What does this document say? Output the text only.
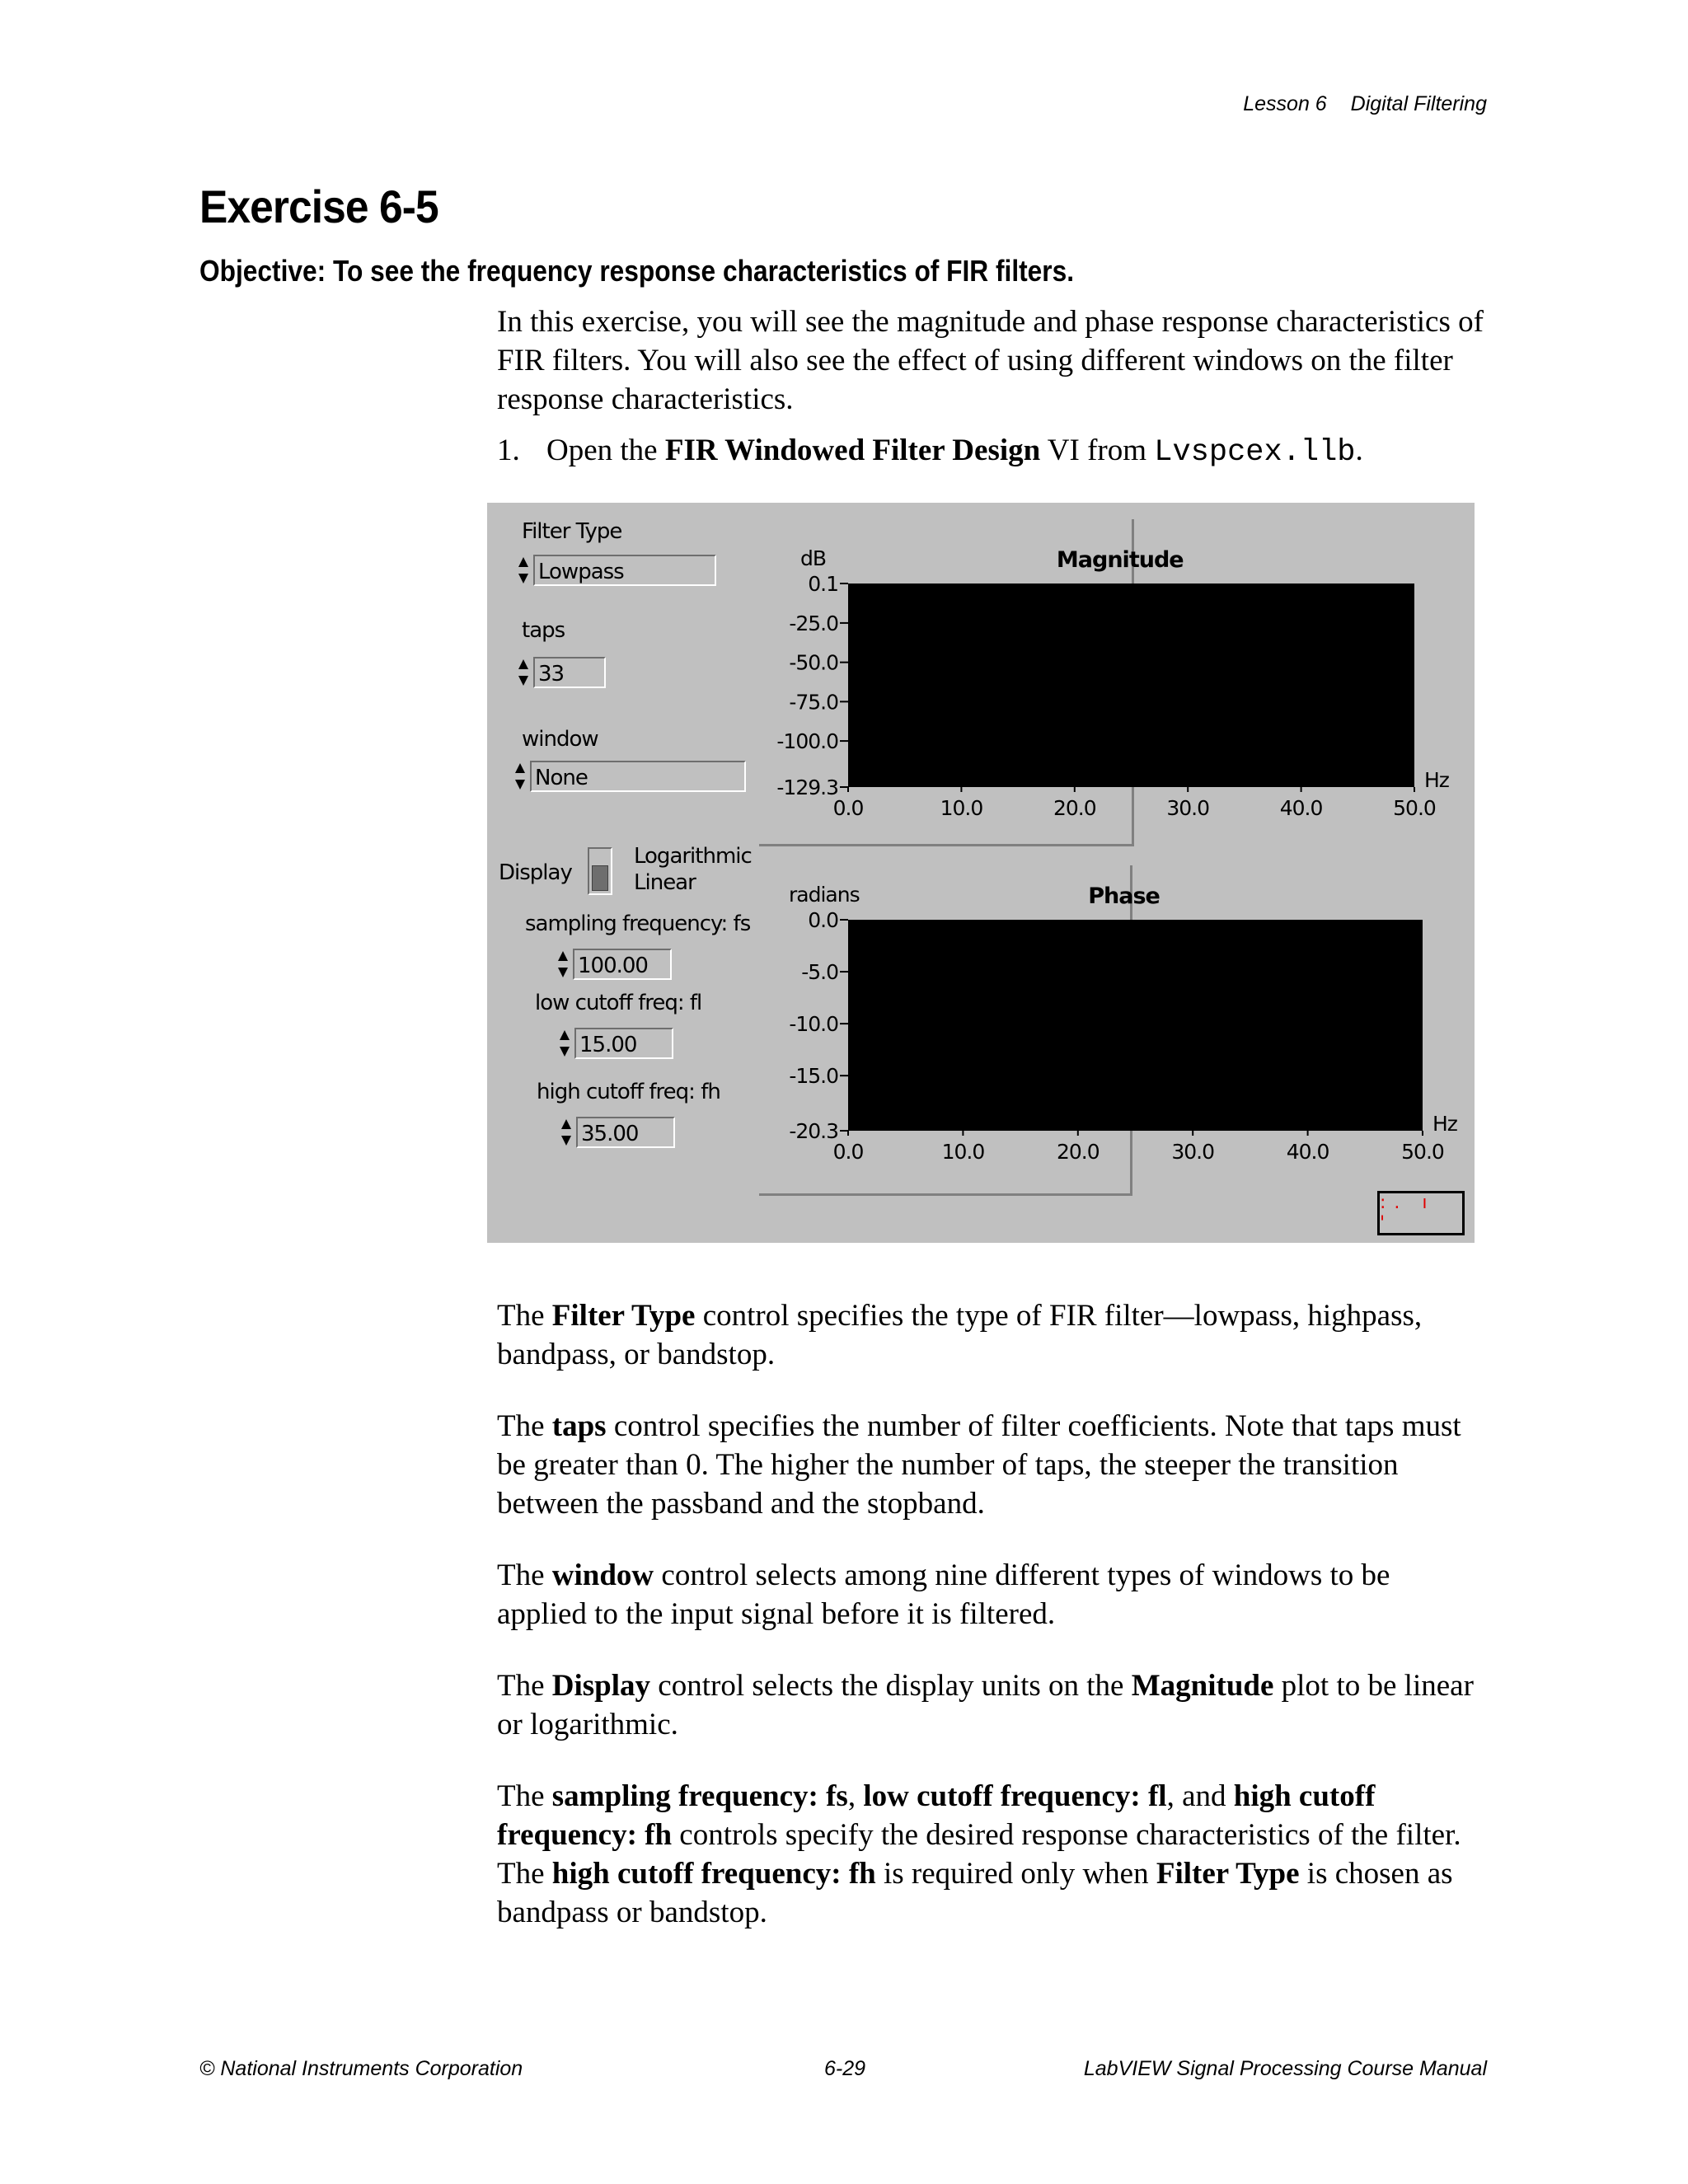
Lesson 6 Digital Filtering
Exercise 6-5
Objective: To see the frequency response characteristics of FIR filters.
In this exercise, you will see the magnitude and phase response characteristics of FIR filters. You will also see the effect of using different windows on the filter response characteristics.
1. Open the FIR Windowed Filter Design VI from Lvspcex.llb.
Filter Type
Lowpass
taps
33
window
None
Display
Logarithmic
Linear
sampling frequency: fs
100.00
low cutoff freq: fl
15.00
high cutoff freq: fh
35.00
Magnitude
dB
Hz
0.1
-25.0
-50.0
-75.0
-100.0
-129.3
0.0	10.0	20.0	30.0	40.0	50.0
Phase
radians
Hz
0.0
-5.0
-10.0
-15.0
-20.3
0.0	10.0	20.0	30.0	40.0	50.0
:. ı '
The Filter Type control specifies the type of FIR filter—lowpass, highpass, bandpass, or bandstop.
The taps control specifies the number of filter coefficients. Note that taps must be greater than 0. The higher the number of taps, the steeper the transition between the passband and the stopband.
The window control selects among nine different types of windows to be applied to the input signal before it is filtered.
The Display control selects the display units on the Magnitude plot to be linear or logarithmic.
The sampling frequency: fs, low cutoff frequency: fl, and high cutoff frequency: fh controls specify the desired response characteristics of the filter. The high cutoff frequency: fh is required only when Filter Type is chosen as bandpass or bandstop.
© National Instruments Corporation	6-29	LabVIEW Signal Processing Course Manual
